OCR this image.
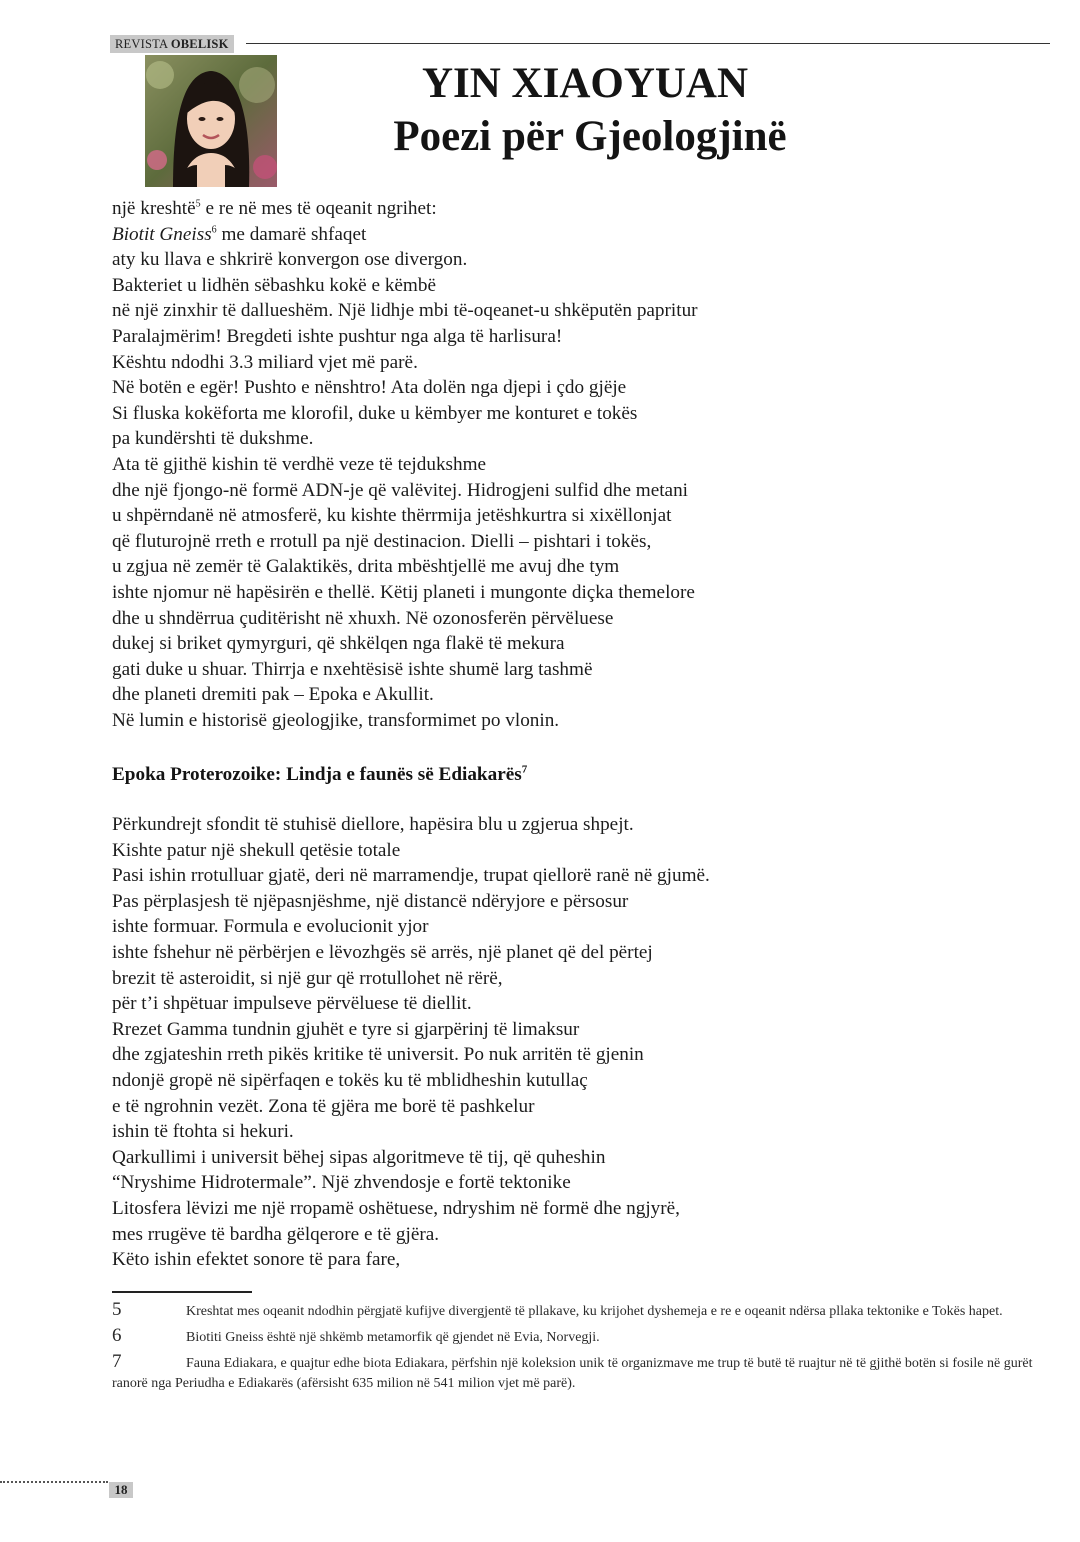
REVISTA OBELISK
YIN XIAOYUAN
Poezi për Gjeologjinë
një kreshtë$^5$ e re në mes të oqeanit ngrihet:
Biotit Gneiss$^6$ me damarë shfaqet
aty ku llava e shkrirë konvergon ose divergon.
Bakteriet u lidhën sëbashku kokë e këmbë
në një zinxhir të dallueshëm. Një lidhje mbi të-oqeanet-u shkëputën papritur
Paralajmërim! Bregdeti ishte pushtur nga alga të harlisura!
Kështu ndodhi 3.3 miliard vjet më parë.
Në botën e egër! Pushto e nënshtro! Ata dolën nga djepi i çdo gjëje
Si fluska kokëforta me klorofil, duke u këmbyer me konturet e tokës
pa kundërshti të dukshme.
Ata të gjithë kishin të verdhë veze të tejdukshme
dhe një fjongo-në formë ADN-je që valëvitej. Hidrogjeni sulfid dhe metani
u shpërndanë në atmosferë, ku kishte thërrmija jetëshkurtra si xixëllonjat
që fluturojnë rreth e rrotull pa një destinacion. Dielli – pishtari i tokës,
u zgjua në zemër të Galaktikës, drita mbështjellë me avuj dhe tym
ishte njomur në hapësirën e thellë. Këtij planeti i mungonte diçka themelore
dhe u shndërrua çuditërisht në xhuxh. Në ozonosferën përvëluese
dukej si briket qymyrguri, që shkëlqen nga flakë të mekura
gati duke u shuar. Thirrja e nxehtësisë ishte shumë larg tashmë
dhe planeti dremiti pak – Epoka e Akullit.
Në lumin e historisë gjeologjike, transformimet po vlonin.
Epoka Proterozoike: Lindja e faunës së Ediakarës$^7$
Përkundrejt sfondit të stuhisë diellore, hapësira blu u zgjerua shpejt.
Kishte patur një shekull qetësie totale
Pasi ishin rrotulluar gjatë, deri në marramendje, trupat qiellorë ranë në gjumë.
Pas përplasjesh të njëpasnjëshme, një distancë ndëryjore e përsosur
ishte formuar. Formula e evolucionit yjor
ishte fshehur në përbërjen e lëvozhgës së arrës, një planet që del përtej
brezit të asteroidit, si një gur që rrotullohet në rërë,
për t’i shpëtuar impulseve përvëluese të diellit.
Rrezet Gamma tundnin gjuhët e tyre si gjarpërinj të limaksur
dhe zgjateshin rreth pikës kritike të universit. Po nuk arritën të gjenin
ndonjë gropë në sipërfaqen e tokës ku të mblidheshin kutullaç
e të ngrohnin vezët. Zona të gjëra me borë të pashkelur
ishin të ftohta si hekuri.
Qarkullimi i universit bëhej sipas algoritmeve të tij, që quheshin
“Nryshime Hidrotermale”. Një zhvendosje e fortë tektonike
Litosfera lëvizi me një rropamë oshëtuese, ndryshim në formë dhe ngjyrë,
mes rrugëve të bardha gëlqerore e të gjëra.
Këto ishin efektet sonore të para fare,
5	Kreshtat mes oqeanit ndodhin përgjatë kufijve divergjentë të pllakave, ku krijohet dyshemeja e re e oqeanit ndërsa pllaka tektonike e Tokës hapet.
6	Biotiti Gneiss është një shkëmb metamorfik që gjendet në Evia, Norvegji.
7	Fauna Ediakara, e quajtur edhe biota Ediakara, përfshin një koleksion unik të organizmave me trup të butë të ruajtur në të gjithë botën si fosile në gurët ranorë nga Periudha e Ediakarës (afërsisht 635 milion në 541 milion vjet më parë).
18
